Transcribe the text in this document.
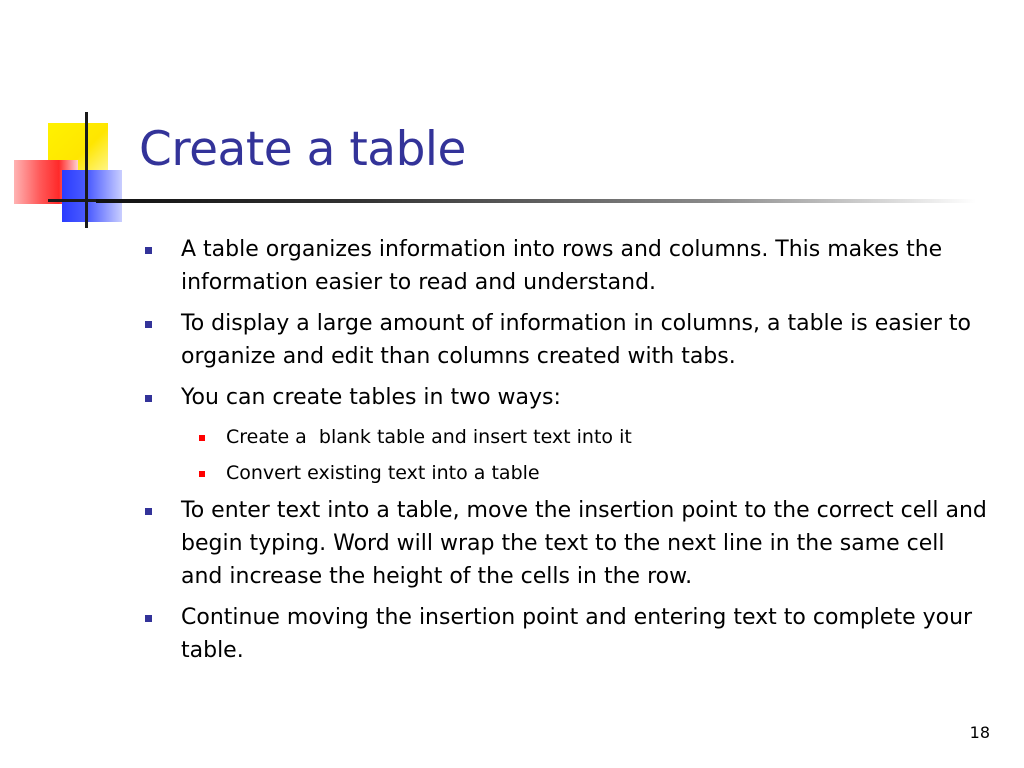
Create a table
A table organizes information into rows and columns. This makes the information easier to read and understand.
To display a large amount of information in columns, a table is easier to organize and edit than columns created with tabs.
You can create tables in two ways:
Create a  blank table and insert text into it
Convert existing text into a table
To enter text into a table, move the insertion point to the correct cell and begin typing. Word will wrap the text to the next line in the same cell and increase the height of the cells in the row.
Continue moving the insertion point and entering text to complete your table.
18
